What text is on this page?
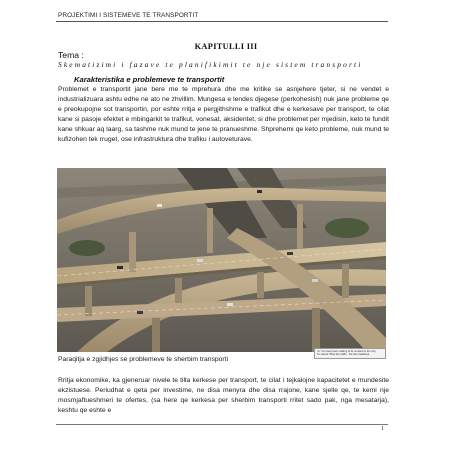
PROJEKTIMI I SISTEMEVE TE TRANSPORTIT
KAPITULLI III
Tema :
Skematizimi i fazave te planifikimit te nje sistem transporti
Karakteristika e problemeve te transportit
Problemet e transportit jane bere me te mprehura dhe me kritike se asnjehere tjeter, si ne vendet e industrializuara ashtu edhe ne ato ne zhvillim. Mungesa e lendes djegese (perkohesish) nuk jane probleme qe e preokupojne sot transportin, por eshte rritja e pergjithshme e trafikut dhe e kerkesave per transport, te cilat kane si pasoje efektet e mbingarkit te trafikut, vonesat, aksidentet, si dhe problemet per mjedisin, keto te fundit kane shkuar aq laarg, sa tashme nuk mund te jene te pranueshme. Shprehemi qe keto probleme, nuk mund te kufizohen tek rruget, ose infrastruktura dhe trafiku i autoveturave.
Ju: You have been waiting to be smoked in the City.
Tu solved: Blow the traffic - the fast roadways.
Paraqitja e zgjidhjes se problemeve te sherbim transporti
Rritja ekonomike, ka gjeneruar nivele te tilla kerkese per transport, te cilat i tejkalojne kapacitetet e mundesite ekzistuese. Periudhat e qeta per investime, ne disa menyra dhe disa rrajone, kane sjelle qe, te kemi nje mosmjaftueshmeri te ofertes, (sa here qe kerkesa per sherbim transporti rritet sado pak, nga mesatarja), keshtu qe eshte e
1
